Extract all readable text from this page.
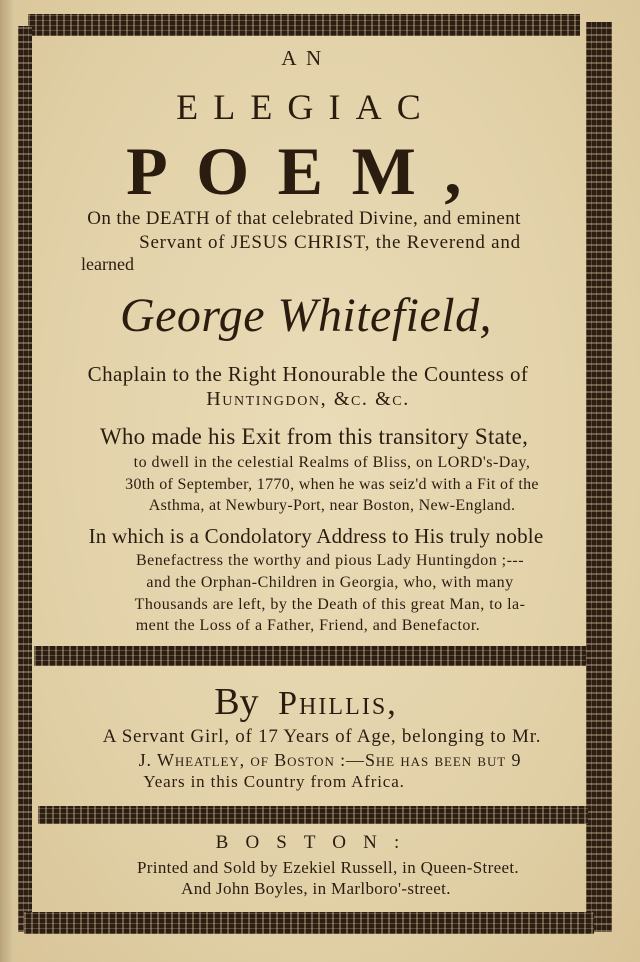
AN
ELEGIAC
POEM,
On the DEATH of that celebrated Divine, and eminent
Servant of JESUS CHRIST, the Reverend and
learned
George Whitefield,
Chaplain to the Right Honourable the Countess of
Huntingdon, &c. &c.
Who made his Exit from this transitory State,
to dwell in the celestial Realms of Bliss, on LORD's-Day,
30th of September, 1770, when he was seiz'd with a Fit of the
Asthma, at Newbury-Port, near Boston, New-England.
In which is a Condolatory Address to His truly noble
Benefactress the worthy and pious Lady Huntingdon ;---
and the Orphan-Children in Georgia, who, with many
Thousands are left, by the Death of this great Man, to la-
ment the Loss of a Father, Friend, and Benefactor.
By Phillis,
A Servant Girl, of 17 Years of Age, belonging to Mr.
J. Wheatley, of Boston :—She has been but 9
Years in this Country from Africa.
BOSTON:
Printed and Sold by Ezekiel Russell, in Queen-Street.
And John Boyles, in Marlboro'-street.
